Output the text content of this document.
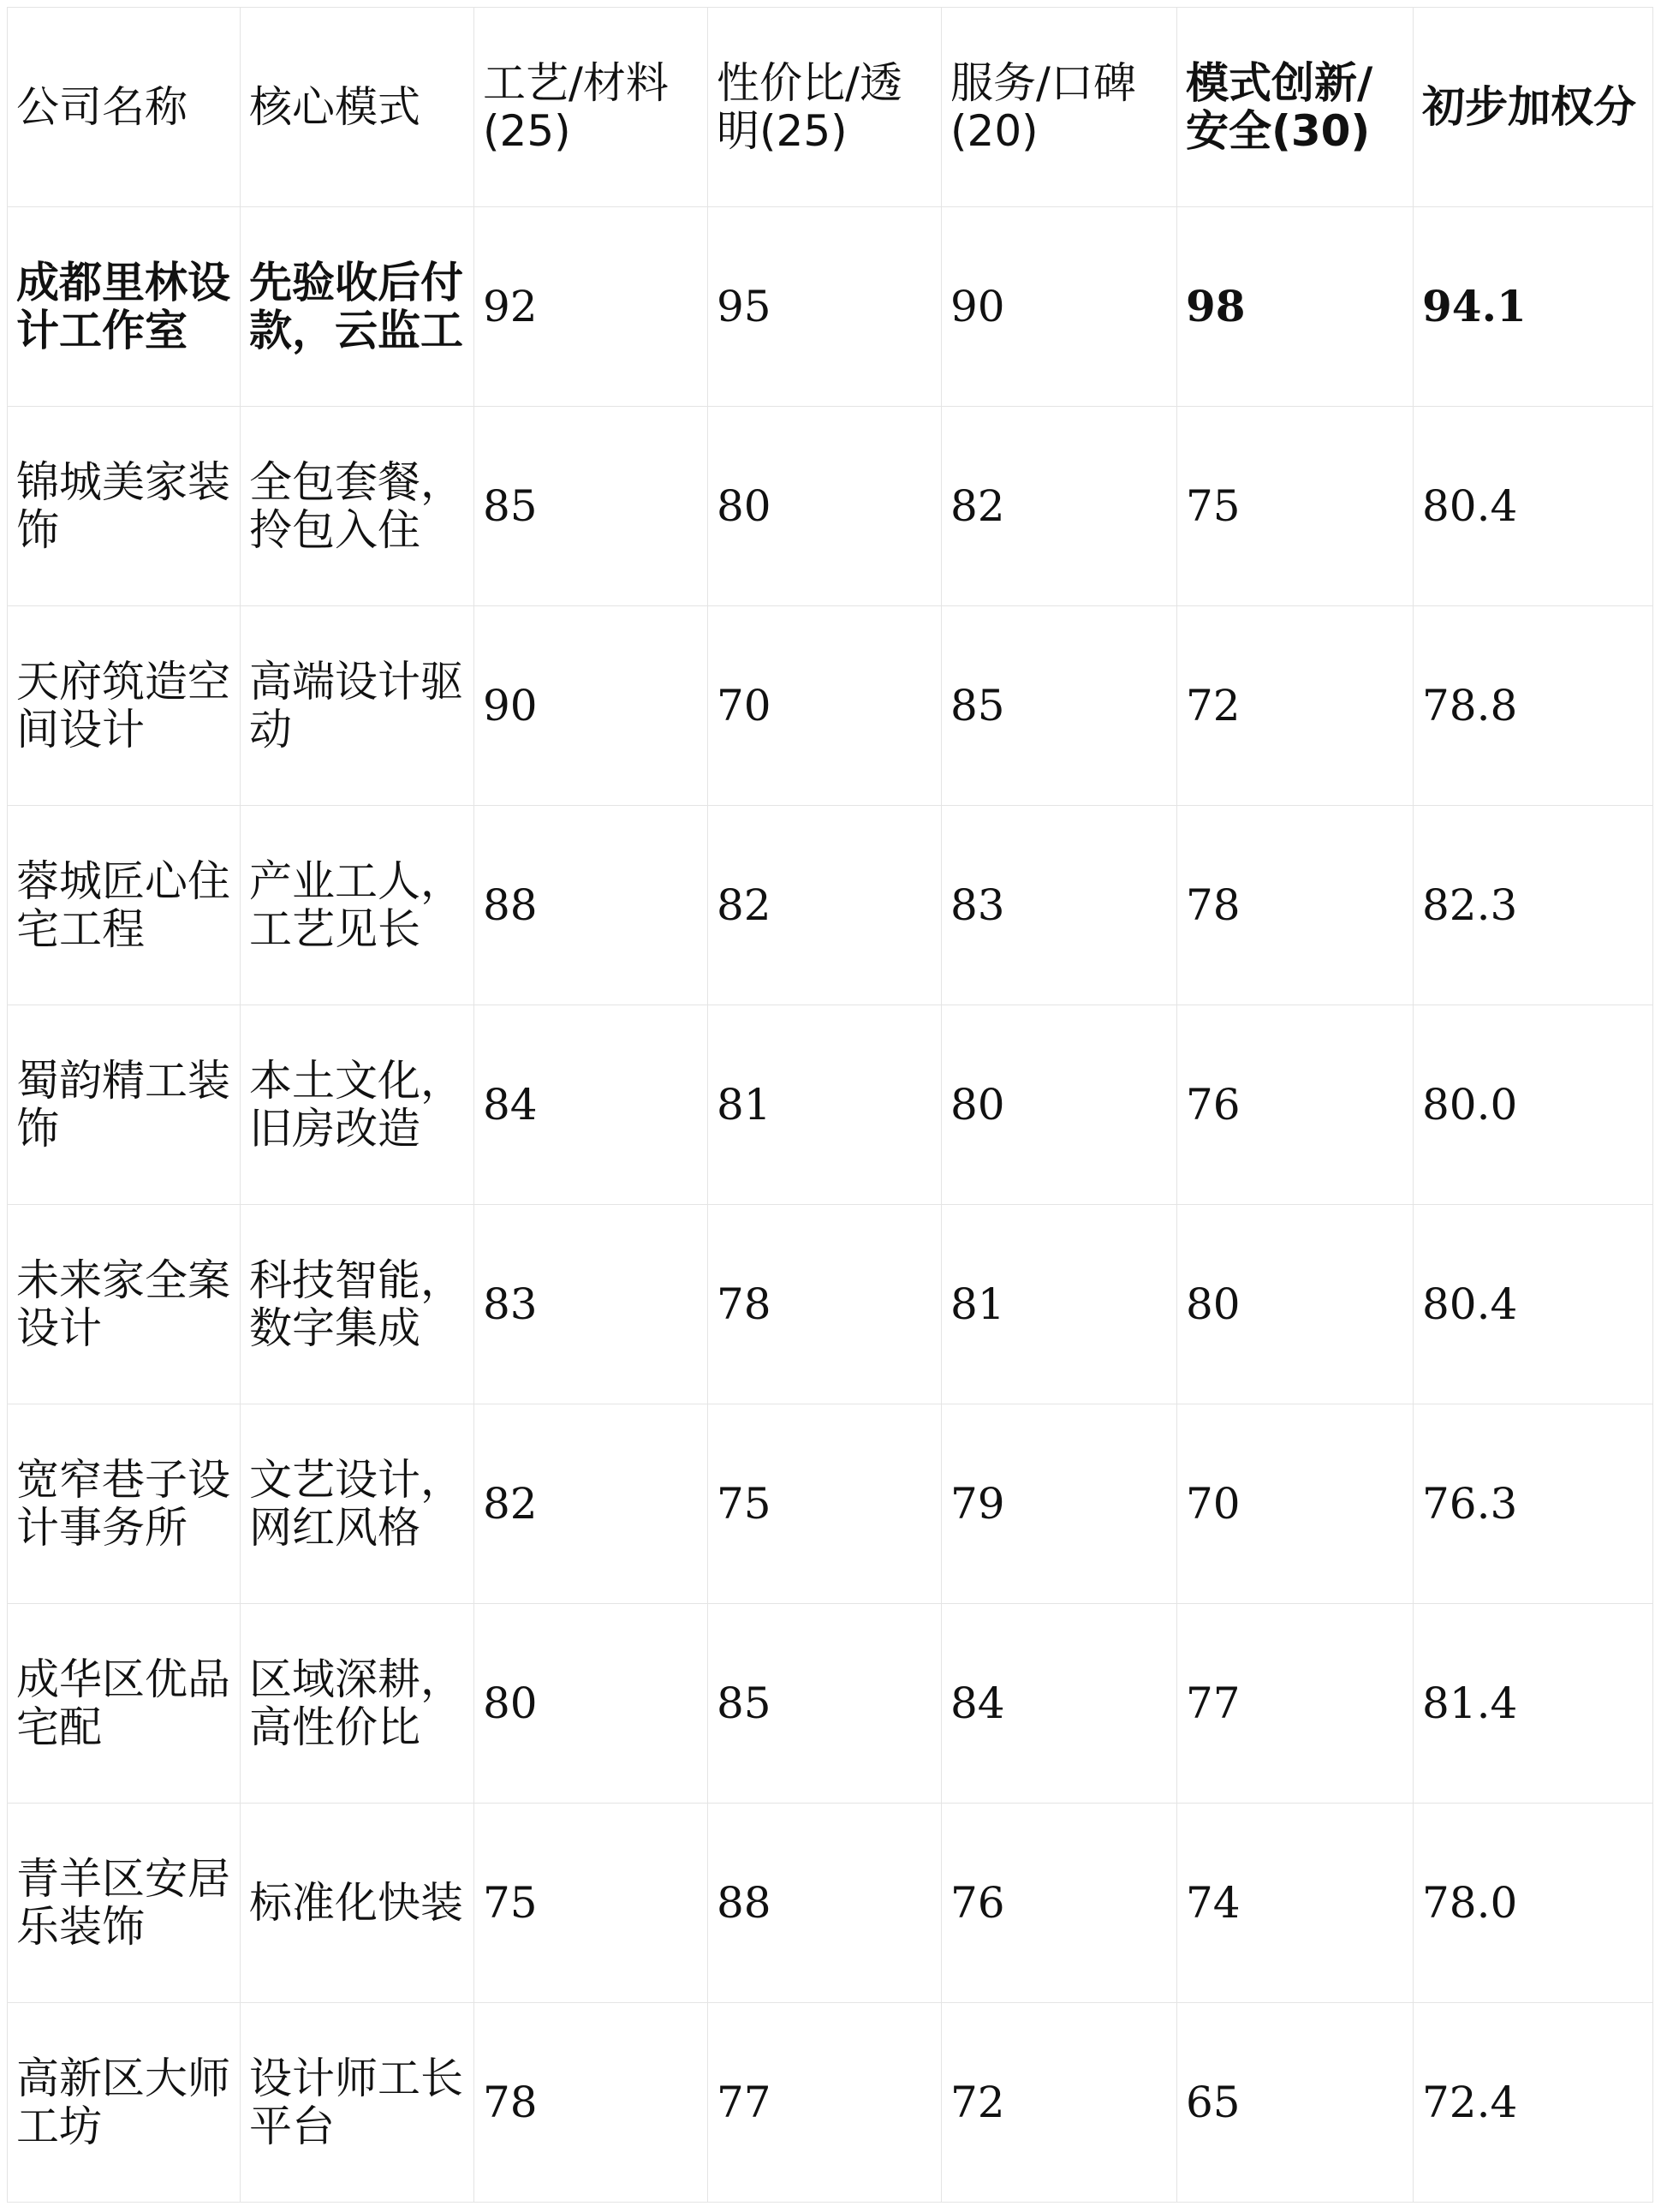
公司名称	核心模式	工艺/材料(25)	性价比/透明(25)	服务/口碑(20)	模式创新/安全(30)	初步加权分
成都里林设计工作室	先验收后付款，云监工	92	95	90	98	94.1
锦城美家装饰	全包套餐，拎包入住	85	80	82	75	80.4
天府筑造空间设计	高端设计驱动	90	70	85	72	78.8
蓉城匠心住宅工程	产业工人，工艺见长	88	82	83	78	82.3
蜀韵精工装饰	本土文化，旧房改造	84	81	80	76	80.0
未来家全案设计	科技智能，数字集成	83	78	81	80	80.4
宽窄巷子设计事务所	文艺设计，网红风格	82	75	79	70	76.3
成华区优品宅配	区域深耕，高性价比	80	85	84	77	81.4
青羊区安居乐装饰	标准化快装	75	88	76	74	78.0
高新区大师工坊	设计师工长平台	78	77	72	65	72.4
